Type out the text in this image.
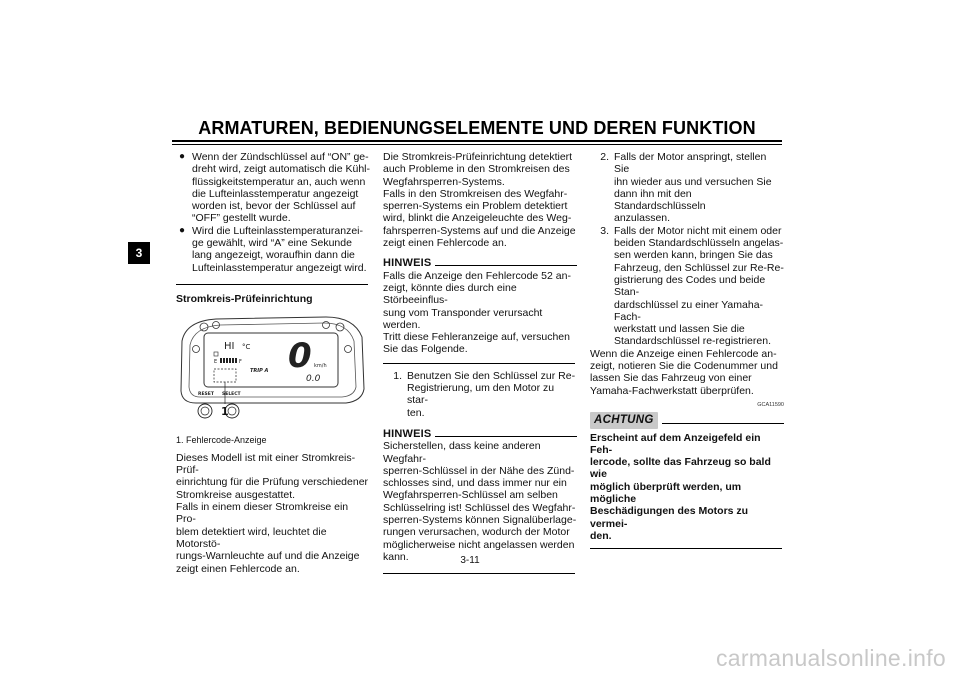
ARMATUREN, BEDIENUNGSELEMENTE UND DEREN FUNKTION
3
● Wenn der Zündschlüssel auf “ON” ge-
dreht wird, zeigt automatisch die Kühl-
flüssigkeitstemperatur an, auch wenn
die Lufteinlasstemperatur angezeigt
worden ist, bevor der Schlüssel auf
“OFF” gestellt wurde.
● Wird die Lufteinlasstemperaturanzei-
ge gewählt, wird “A” eine Sekunde
lang angezeigt, woraufhin dann die
Lufteinlasstemperatur angezeigt wird.
Stromkreis-Prüfeinrichtung
HI °C
E	F 0 km/h
TRIP A
0.0
RESET SELECT
1
1. Fehlercode-Anzeige
Dieses Modell ist mit einer Stromkreis-Prüf-
einrichtung für die Prüfung verschiedener
Stromkreise ausgestattet.
Falls in einem dieser Stromkreise ein Pro-
blem detektiert wird, leuchtet die Motorstö-
rungs-Warnleuchte auf und die Anzeige
zeigt einen Fehlercode an.
Die Stromkreis-Prüfeinrichtung detektiert
auch Probleme in den Stromkreisen des
Wegfahrsperren-Systems.
Falls in den Stromkreisen des Wegfahr-
sperren-Systems ein Problem detektiert
wird, blinkt die Anzeigeleuchte des Weg-
fahrsperren-Systems auf und die Anzeige
zeigt einen Fehlercode an.
HINWEIS
Falls die Anzeige den Fehlercode 52 an-
zeigt, könnte dies durch eine Störbeeinflus-
sung vom Transponder verursacht werden.
Tritt diese Fehleranzeige auf, versuchen
Sie das Folgende.
1. Benutzen Sie den Schlüssel zur Re-
Registrierung, um den Motor zu star-
ten.
HINWEIS
Sicherstellen, dass keine anderen Wegfahr-
sperren-Schlüssel in der Nähe des Zünd-
schlosses sind, und dass immer nur ein
Wegfahrsperren-Schlüssel am selben
Schlüsselring ist! Schlüssel des Wegfahr-
sperren-Systems können Signalüberlage-
rungen verursachen, wodurch der Motor
möglicherweise nicht angelassen werden
kann.
2. Falls der Motor anspringt, stellen Sie
ihn wieder aus und versuchen Sie
dann ihn mit den Standardschlüsseln
anzulassen.
3. Falls der Motor nicht mit einem oder
beiden Standardschlüsseln angelas-
sen werden kann, bringen Sie das
Fahrzeug, den Schlüssel zur Re-Re-
gistrierung des Codes und beide Stan-
dardschlüssel zu einer Yamaha-Fach-
werkstatt und lassen Sie die
Standardschlüssel re-registrieren.
Wenn die Anzeige einen Fehlercode an-
zeigt, notieren Sie die Codenummer und
lassen Sie das Fahrzeug von einer
Yamaha-Fachwerkstatt überprüfen.
GCA11590
ACHTUNG
Erscheint auf dem Anzeigefeld ein Feh-
lercode, sollte das Fahrzeug so bald wie
möglich überprüft werden, um mögliche
Beschädigungen des Motors zu vermei-
den.
3-11
carmanualsonline.info
